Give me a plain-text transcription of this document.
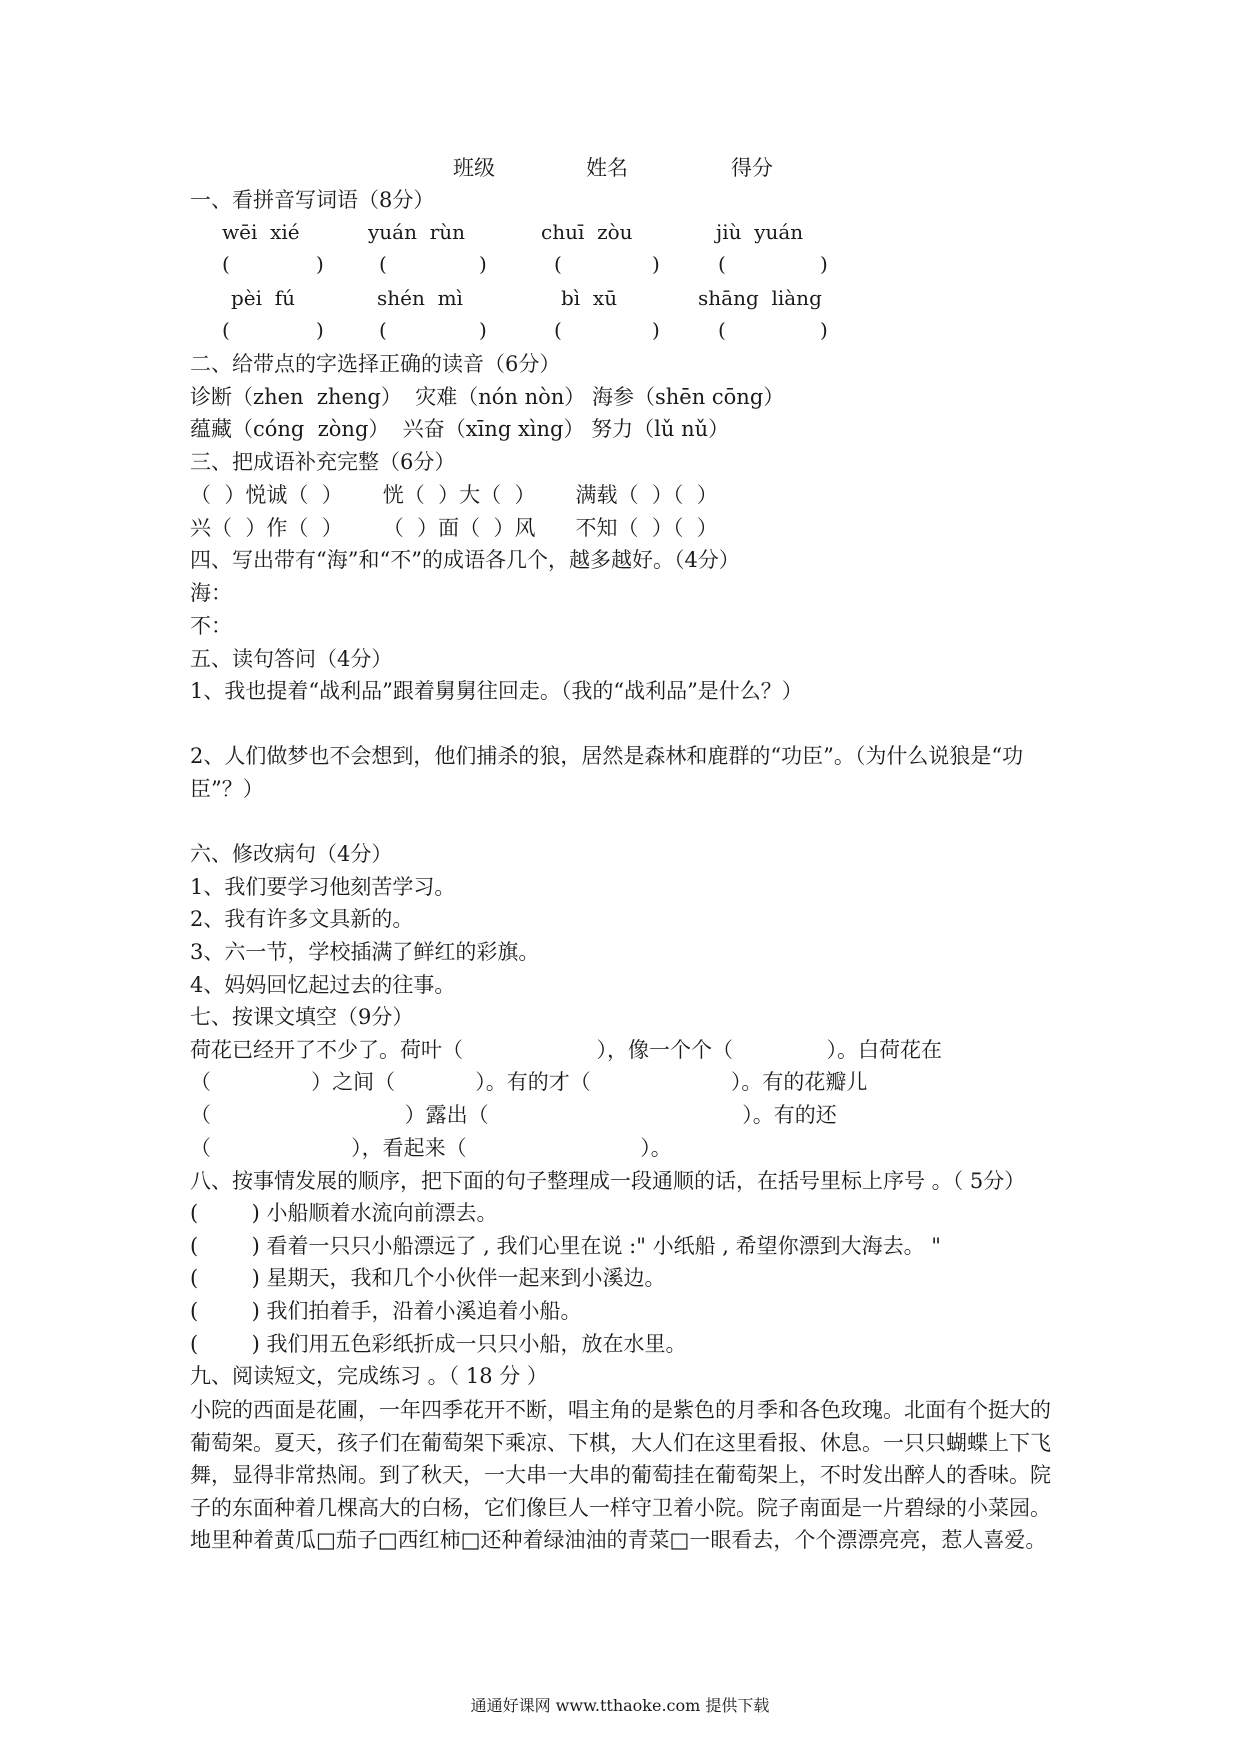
班级	姓名	得分
一、看拼音写词语（8分）
wēi  xié	yuán  rùn	chuī  zòu	jiù  yuán
(	)	(	)	(	)	(	)
pèi  fú	shén  mì	bì  xū	shāng  liàng
(	)	(	)	(	)	(	)
二、给带点的字选择正确的读音（6分）
诊断（zhen  zheng）  灾难（nón nòn） 海参（shēn cōng）
蕴藏（cóng  zòng）  兴奋（xīng xìng） 努力（lǔ nǔ）
三、把成语补充完整（6分）
（  ）悦诚（  ）      恍（  ）大（  ）      满载（  ）（  ）
兴（  ）作（  ）      （  ）面（  ）风      不知（  ）（  ）
四、写出带有“海”和“不”的成语各几个，越多越好。（4分）
海：
不：
五、读句答问（4分）
1、我也提着“战利品”跟着舅舅往回走。（我的“战利品”是什么？）
2、人们做梦也不会想到，他们捕杀的狼，居然是森林和鹿群的“功臣”。（为什么说狼是“功
臣”？）
六、修改病句（4分）
1、我们要学习他刻苦学习。
2、我有许多文具新的。
3、六一节，学校插满了鲜红的彩旗。
4、妈妈回忆起过去的往事。
七、按课文填空（9分）
荷花已经开了不少了。荷叶（                    ），像一个个（              ）。白荷花在
（               ）之间（            ）。有的才（                     ）。有的花瓣儿
（                             ）露出（                                      ）。有的还
（                     ），看起来（                          ）。
八、按事情发展的顺序，把下面的句子整理成一段通顺的话，在括号里标上序号 。（ 5分）
(        ) 小船顺着水流向前漂去。
(        ) 看着一只只小船漂远了 , 我们心里在说 :" 小纸船 , 希望你漂到大海去。 "
(        ) 星期天，我和几个小伙伴一起来到小溪边。
(        ) 我们拍着手，沿着小溪追着小船。
(        ) 我们用五色彩纸折成一只只小船，放在水里。
九、阅读短文，完成练习 。（ 18 分 ）
小院的西面是花圃，一年四季花开不断，唱主角的是紫色的月季和各色玫瑰。北面有个挺大的葡萄架。夏天，孩子们在葡萄架下乘凉、下棋，大人们在这里看报、休息。一只只蝴蝶上下飞舞，显得非常热闹。到了秋天，一大串一大串的葡萄挂在葡萄架上，不时发出醉人的香味。院子的东面种着几棵高大的白杨，它们像巨人一样守卫着小院。院子南面是一片碧绿的小菜园。地里种着黄瓜□茄子□西红柿□还种着绿油油的青菜□一眼看去，个个漂漂亮亮，惹人喜爱。
通通好课网 www.tthaoke.com 提供下载
